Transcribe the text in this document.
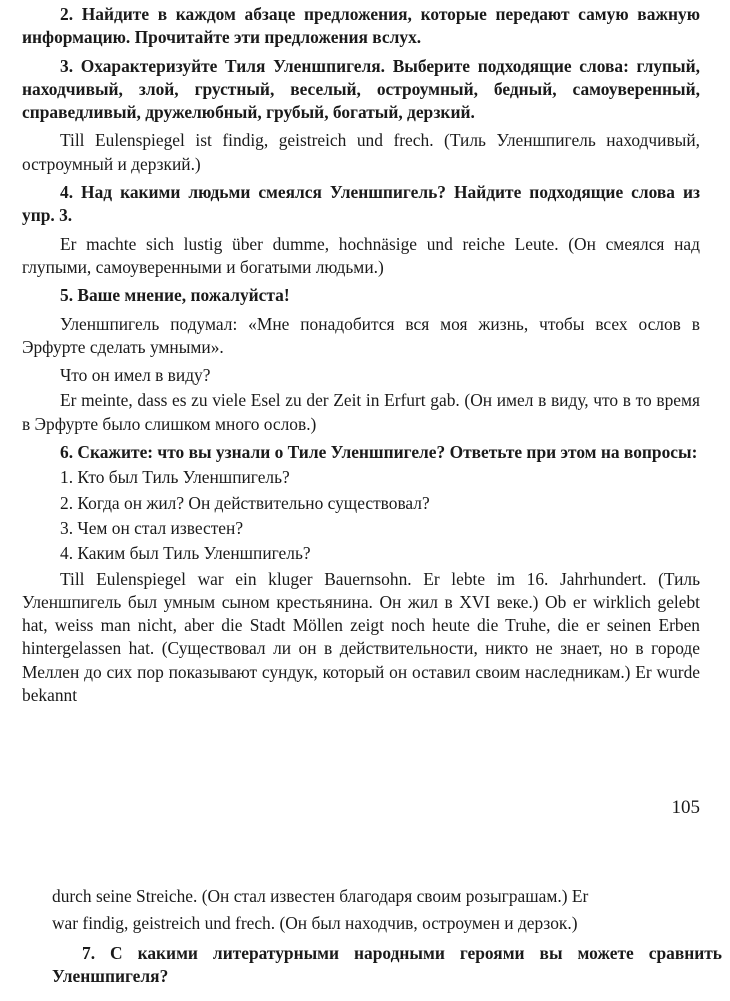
2. Найдите в каждом абзаце предложения, которые передают самую важную информацию. Прочитайте эти предложения вслух.

3. Охарактеризуйте Тиля Уленшпигеля. Выберите подходящие слова: глупый, находчивый, злой, грустный, веселый, остроумный, бедный, самоуверенный, справедливый, дружелюбный, грубый, богатый, дерзкий.

Till Eulenspiegel ist findig, geistreich und frech. (Тиль Уленшпигель находчивый, остроумный и дерзкий.)

4. Над какими людьми смеялся Уленшпигель? Найдите подходящие слова из упр. 3.

Er machte sich lustig über dumme, hochnäsige und reiche Leute. (Он смеялся над глупыми, самоуверенными и богатыми людьми.)

5. Ваше мнение, пожалуйста!

Уленшпигель подумал: «Мне понадобится вся моя жизнь, чтобы всех ослов в Эрфурте сделать умными».

Что он имел в виду?

Er meinte, dass es zu viele Esel zu der Zeit in Erfurt gab. (Он имел в виду, что в то время в Эрфурте было слишком много ослов.)

6. Скажите: что вы узнали о Тиле Уленшпигеле? Ответьте при этом на вопросы:

1. Кто был Тиль Уленшпигель?

2. Когда он жил? Он действительно существовал?

3. Чем он стал известен?

4. Каким был Тиль Уленшпигель?

Till Eulenspiegel war ein kluger Bauernsohn. Er lebte im 16. Jahrhundert. (Тиль Уленшпигель был умным сыном крестьянина. Он жил в XVI веке.) Ob er wirklich gelebt hat, weiss man nicht, aber die Stadt Möllen zeigt noch heute die Truhe, die er seinen Erben hintergelassen hat. (Существовал ли он в действительности, никто не знает, но в городе Меллен до сих пор показывают сундук, который он оставил своим наследникам.) Er wurde bekannt

105

durch seine Streiche. (Он стал известен благодаря своим розыграшам.) Er

war findig, geistreich und frech. (Он был находчив, остроумен и дерзок.)

7. С какими литературными народными героями вы можете сравнить Уленшпигеля?
